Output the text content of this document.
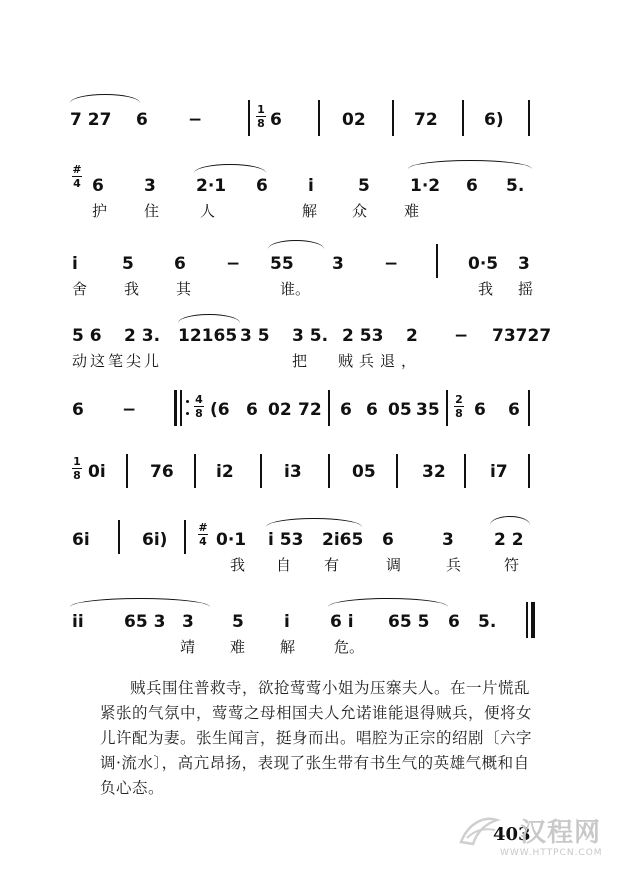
7 27 6 −
1
8 6	02	72	6)
#
4 6 3 2·1 6 i	5 1·2 6 5.
护 住	人	解 众 难
i	5 6 − 55 3 −	0·5 3
舍 我 其	谁。	我 摇
5 6 2 3. 12165 3 5 3 5. 2 53 2 − 73727
动这笔尖儿	把 贼兵退，
6 −
4
8 (6 6 02 72 6 6 05 35
2
8 6 6
1
8 0i	76 i2	i3	05	32	i7
6i	6i)
#
4 0·1 i 53 2i65 6	3 2 2
我 自 有	调	兵	符
ii 65 3 3 5 i 6 i 65 5 6 5.
靖 难 解	危。
贼兵围住普救寺，欲抢莺莺小姐为压寨夫人。在一片慌乱紧张的气氛中，莺莺之母相国夫人允诺谁能退得贼兵，便将女儿许配为妻。张生闻言，挺身而出。唱腔为正宗的绍剧〔六字调·流水〕，高亢昂扬，表现了张生带有书生气的英雄气概和自负心态。
403
汉程网
WWW.HTTPCN.COM
